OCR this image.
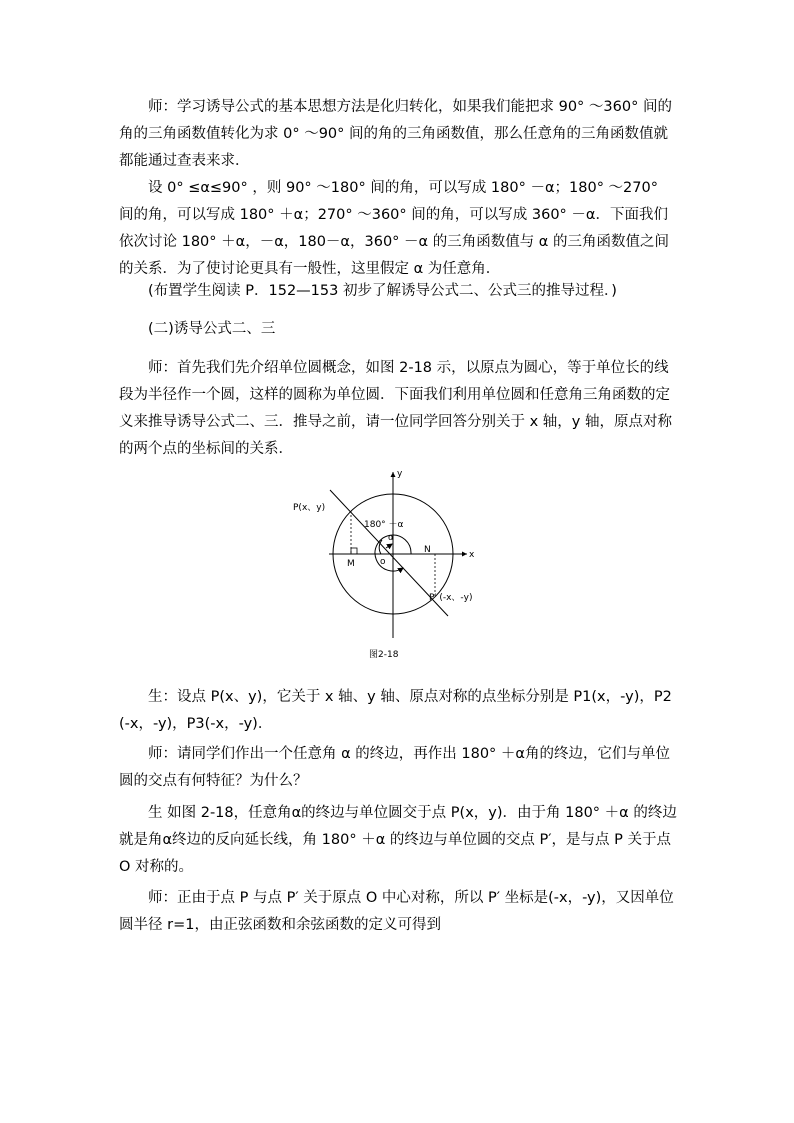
师：学习诱导公式的基本思想方法是化归转化，如果我们能把求 90° ～360° 间的角的三角函数值转化为求 0° ～90° 间的角的三角函数值，那么任意角的三角函数值就都能通过查表来求．

设 0° ≤α≤90° ，则 90° ～180° 间的角，可以写成 180° －α；180° ～270° 间的角，可以写成 180° ＋α；270° ～360° 间的角，可以写成 360° －α．下面我们依次讨论 180° ＋α，－α，180－α，360° －α 的三角函数值与 α 的三角函数值之间的关系．为了使讨论更具有一般性，这里假定 α 为任意角．

(布置学生阅读 P．152—153 初步了解诱导公式二、公式三的推导过程．)

(二)诱导公式二、三

师：首先我们先介绍单位圆概念，如图 2-18 示，以原点为圆心，等于单位长的线段为半径作一个圆，这样的圆称为单位圆．下面我们利用单位圆和任意角三角函数的定义来推导诱导公式二、三．推导之前，请一位同学回答分别关于 x 轴，y 轴，原点对称的两个点的坐标间的关系．

P(x、y)
P′ (-x、-y)
180° ＋α
α
M
N
o
x
y
图2-18

生：设点 P(x、y)，它关于 x 轴、y 轴、原点对称的点坐标分别是 P1(x，-y)，P2(-x，-y)，P3(-x，-y)．

师：请同学们作出一个任意角 α 的终边，再作出 180° ＋α角的终边，它们与单位圆的交点有何特征？为什么？

生 如图 2-18，任意角α的终边与单位圆交于点 P(x，y)．由于角 180° ＋α 的终边就是角α终边的反向延长线，角 180° ＋α 的终边与单位圆的交点 P′，是与点 P 关于点 O 对称的。

师：正由于点 P 与点 P′ 关于原点 O 中心对称，所以 P′ 坐标是(-x，-y)，又因单位圆半径 r=1，由正弦函数和余弦函数的定义可得到
